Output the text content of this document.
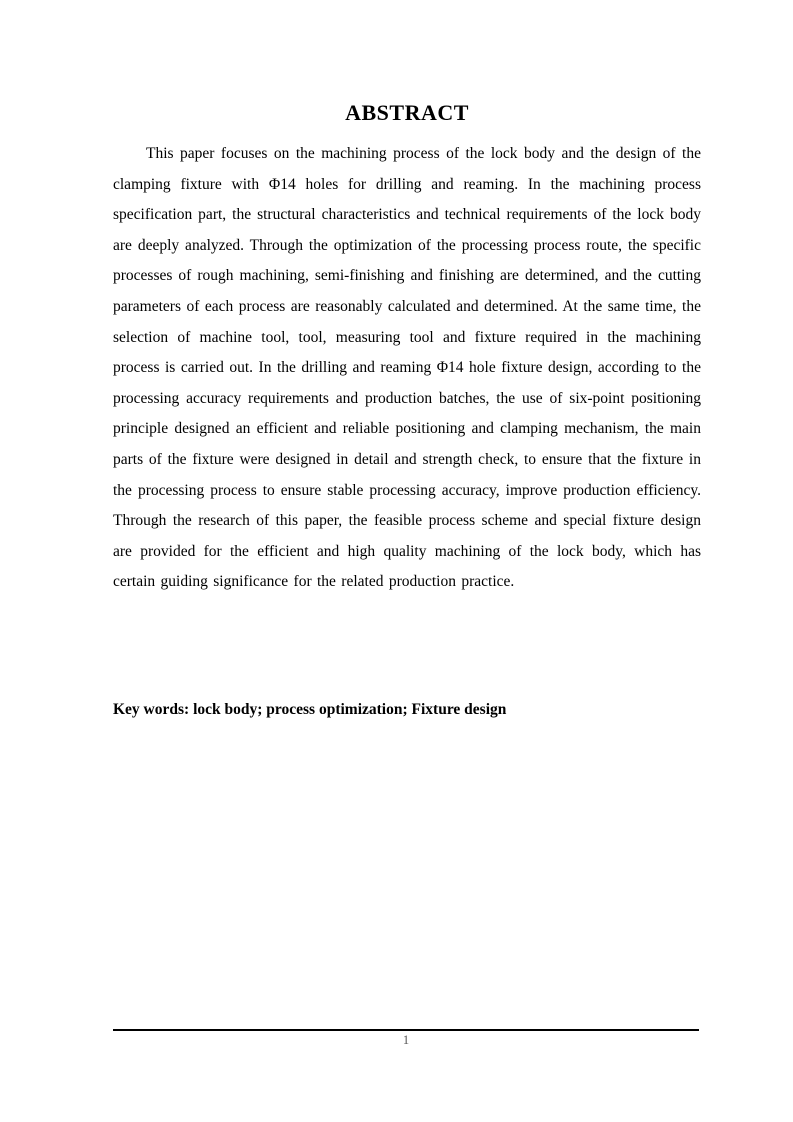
ABSTRACT

This paper focuses on the machining process of the lock body and the design of the clamping fixture with Φ14 holes for drilling and reaming. In the machining process specification part, the structural characteristics and technical requirements of the lock body are deeply analyzed. Through the optimization of the processing process route, the specific processes of rough machining, semi-finishing and finishing are determined, and the cutting parameters of each process are reasonably calculated and determined. At the same time, the selection of machine tool, tool, measuring tool and fixture required in the machining process is carried out. In the drilling and reaming Φ14 hole fixture design, according to the processing accuracy requirements and production batches, the use of six-point positioning principle designed an efficient and reliable positioning and clamping mechanism, the main parts of the fixture were designed in detail and strength check, to ensure that the fixture in the processing process to ensure stable processing accuracy, improve production efficiency. Through the research of this paper, the feasible process scheme and special fixture design are provided for the efficient and high quality machining of the lock body, which has certain guiding significance for the related production practice.

Key words: lock body; process optimization; Fixture design

1
